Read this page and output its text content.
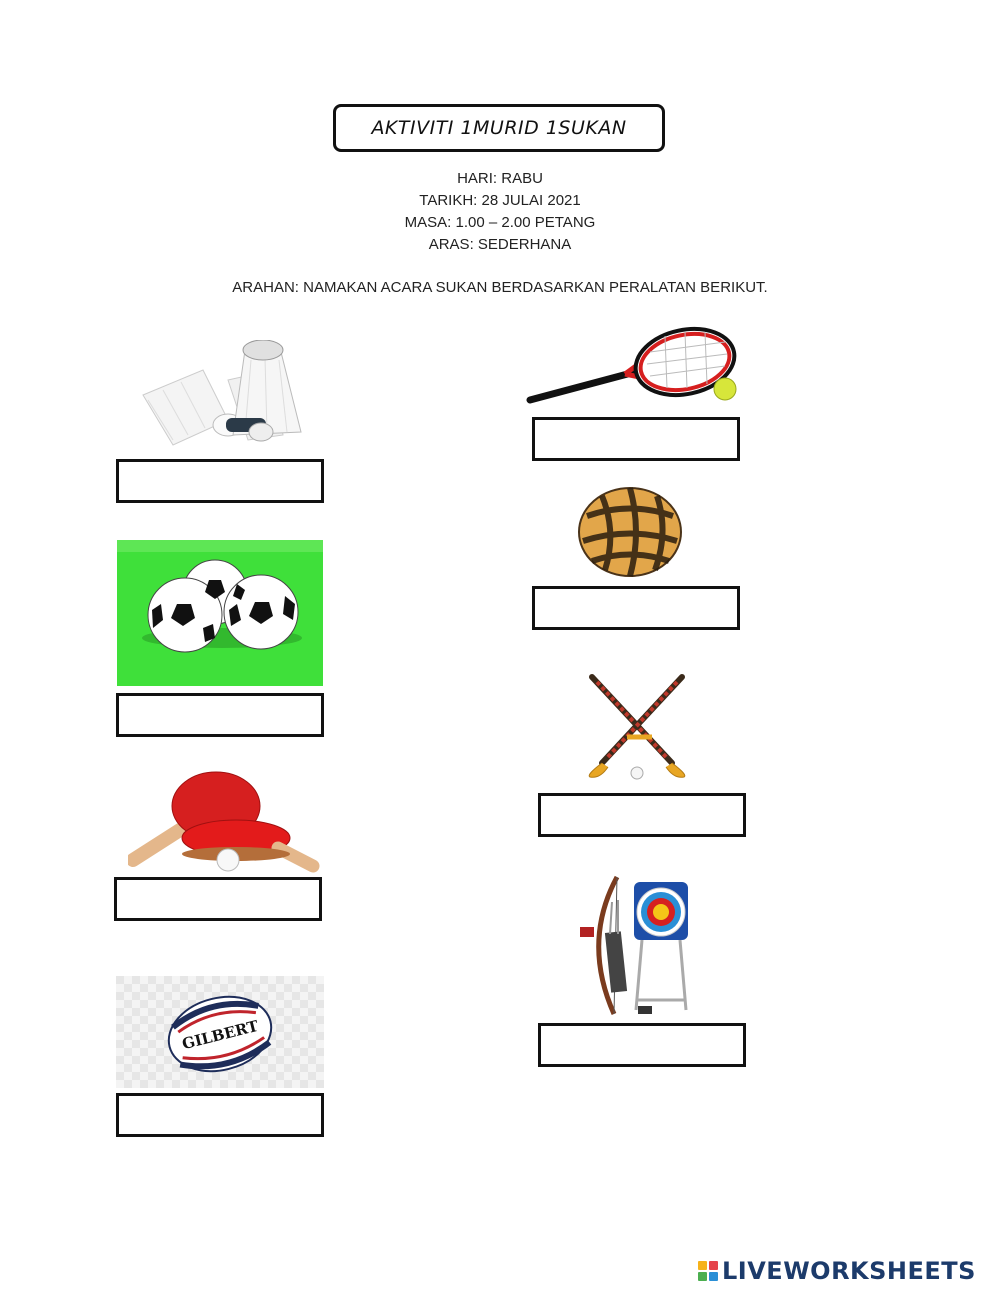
AKTIVITI 1MURID 1SUKAN
HARI: RABU
TARIKH: 28 JULAI 2021
MASA: 1.00 – 2.00 PETANG
ARAS: SEDERHANA
ARAHAN: NAMAKAN ACARA SUKAN BERDASARKAN PERALATAN BERIKUT.
GILBERT
LIVEWORKSHEETS
